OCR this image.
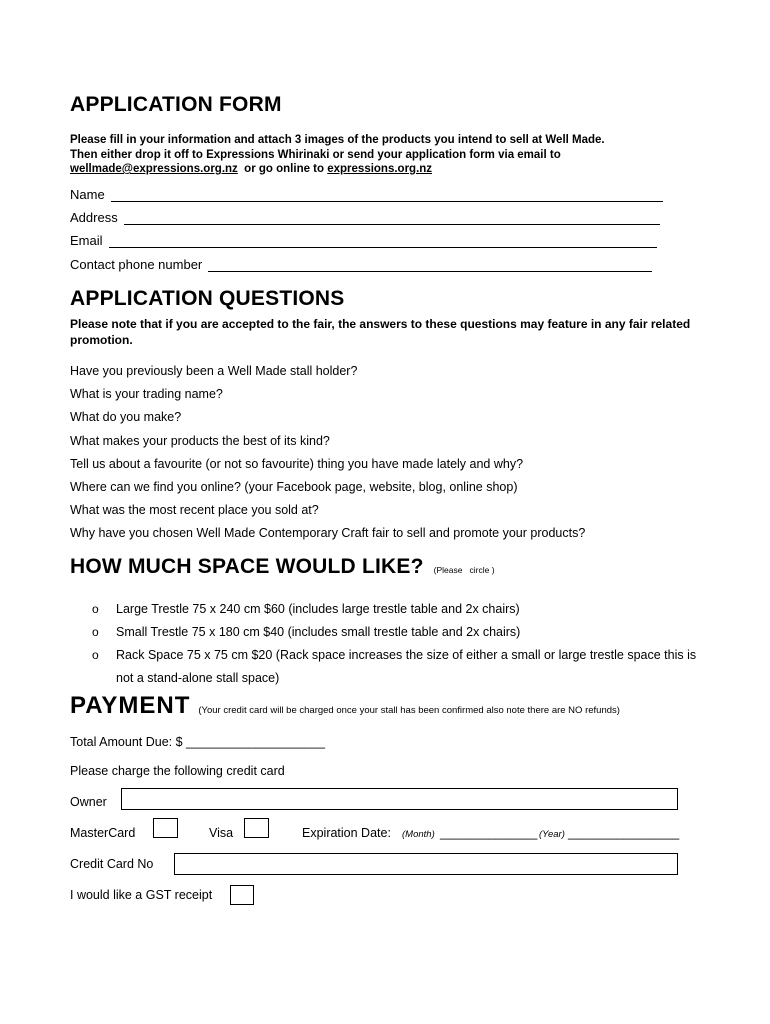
APPLICATION FORM
Please fill in your information and attach 3 images of the products you intend to sell at Well Made.
Then either drop it off to Expressions Whirinaki or send your application form via email to
wellmade@expressions.org.nz  or go online to expressions.org.nz
Name
Address
Email
Contact phone number
APPLICATION QUESTIONS
Please note that if you are accepted to the fair, the answers to these questions may feature in any fair related promotion.
Have you previously been a Well Made stall holder?
What is your trading name?
What do you make?
What makes your products the best of its kind?
Tell us about a favourite (or not so favourite) thing you have made lately and why?
Where can we find you online? (your Facebook page, website, blog, online shop)
What was the most recent place you sold at?
Why have you chosen Well Made Contemporary Craft fair to sell and promote your products?
HOW MUCH SPACE WOULD LIKE? (Please   circle )
o Large Trestle 75 x 240 cm $60 (includes large trestle table and 2x chairs)
o Small Trestle 75 x 180 cm $40 (includes small trestle table and 2x chairs)
o Rack Space 75 x 75 cm $20 (Rack space increases the size of either a small or large trestle space this is not a stand-alone stall space)
PAYMENT (Your credit card will be charged once your stall has been confirmed also note there are NO refunds)
Total Amount Due: $ ____________________
Please charge the following credit card
Owner
MasterCard	Visa	Expiration Date: (Month) ______________ (Year) ________________
Credit Card No
I would like a GST receipt
